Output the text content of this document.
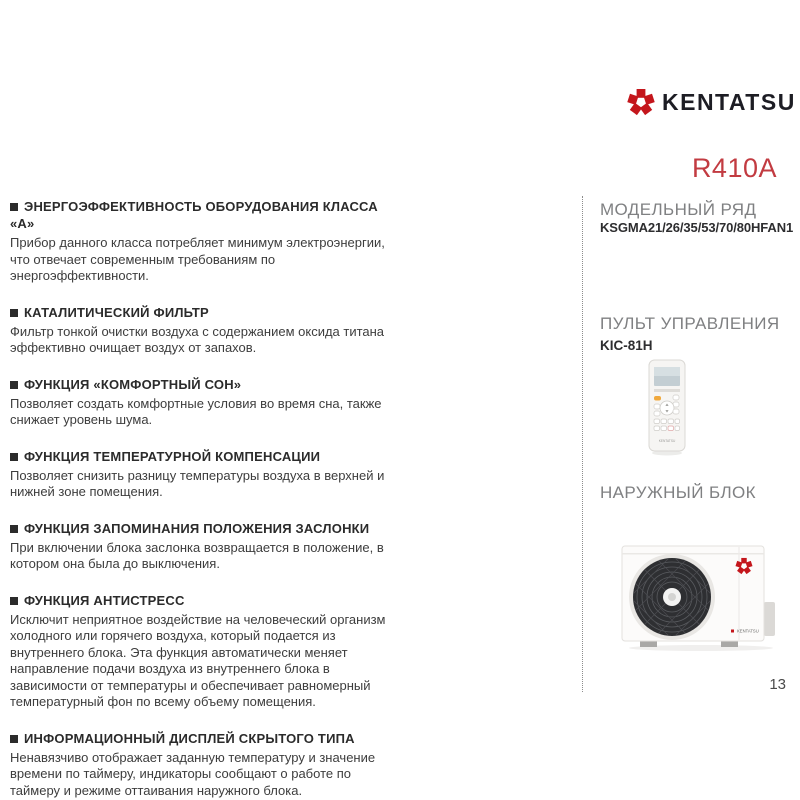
KENTATSU
R410A

ЭНЕРГОЭФФЕКТИВНОСТЬ ОБОРУДОВАНИЯ КЛАССА «А»

Прибор данного класса потребляет минимум электроэнергии, что отвечает современным требованиям по энергоэффективности.

КАТАЛИТИЧЕСКИЙ ФИЛЬТР

Фильтр тонкой очистки воздуха с содержанием оксида титана эффективно очищает воздух от запахов.

ФУНКЦИЯ «КОМФОРТНЫЙ СОН»

Позволяет создать комфортные условия во время сна, также снижает уровень шума.

ФУНКЦИЯ ТЕМПЕРАТУРНОЙ КОМПЕНСАЦИИ

Позволяет снизить разницу температуры воздуха в верхней и нижней зоне помещения.

ФУНКЦИЯ ЗАПОМИНАНИЯ ПОЛОЖЕНИЯ ЗАСЛОНКИ

При включении блока заслонка возвращается в положение, в котором она была до выключения.

ФУНКЦИЯ АНТИСТРЕСС

Исключит неприятное воздействие на человеческий организм холодного или горячего воздуха, который подается из внутреннего блока. Эта функция автоматически меняет направление подачи воздуха из внутреннего блока в зависимости от температуры и обеспечивает равномерный температурный фон по всему объему помещения.

ИНФОРМАЦИОННЫЙ ДИСПЛЕЙ СКРЫТОГО ТИПА

Ненавязчиво отображает заданную температуру и значение времени по таймеру, индикаторы сообщают о работе по таймеру и режиме оттаивания наружного блока.

МОДЕЛЬНЫЙ РЯД
KSGMA21/26/35/53/70/80HFAN1
ПУЛЬТ УПРАВЛЕНИЯ
KIC-81H
KENTATSU
НАРУЖНЫЙ БЛОК
KENTATSU
13
